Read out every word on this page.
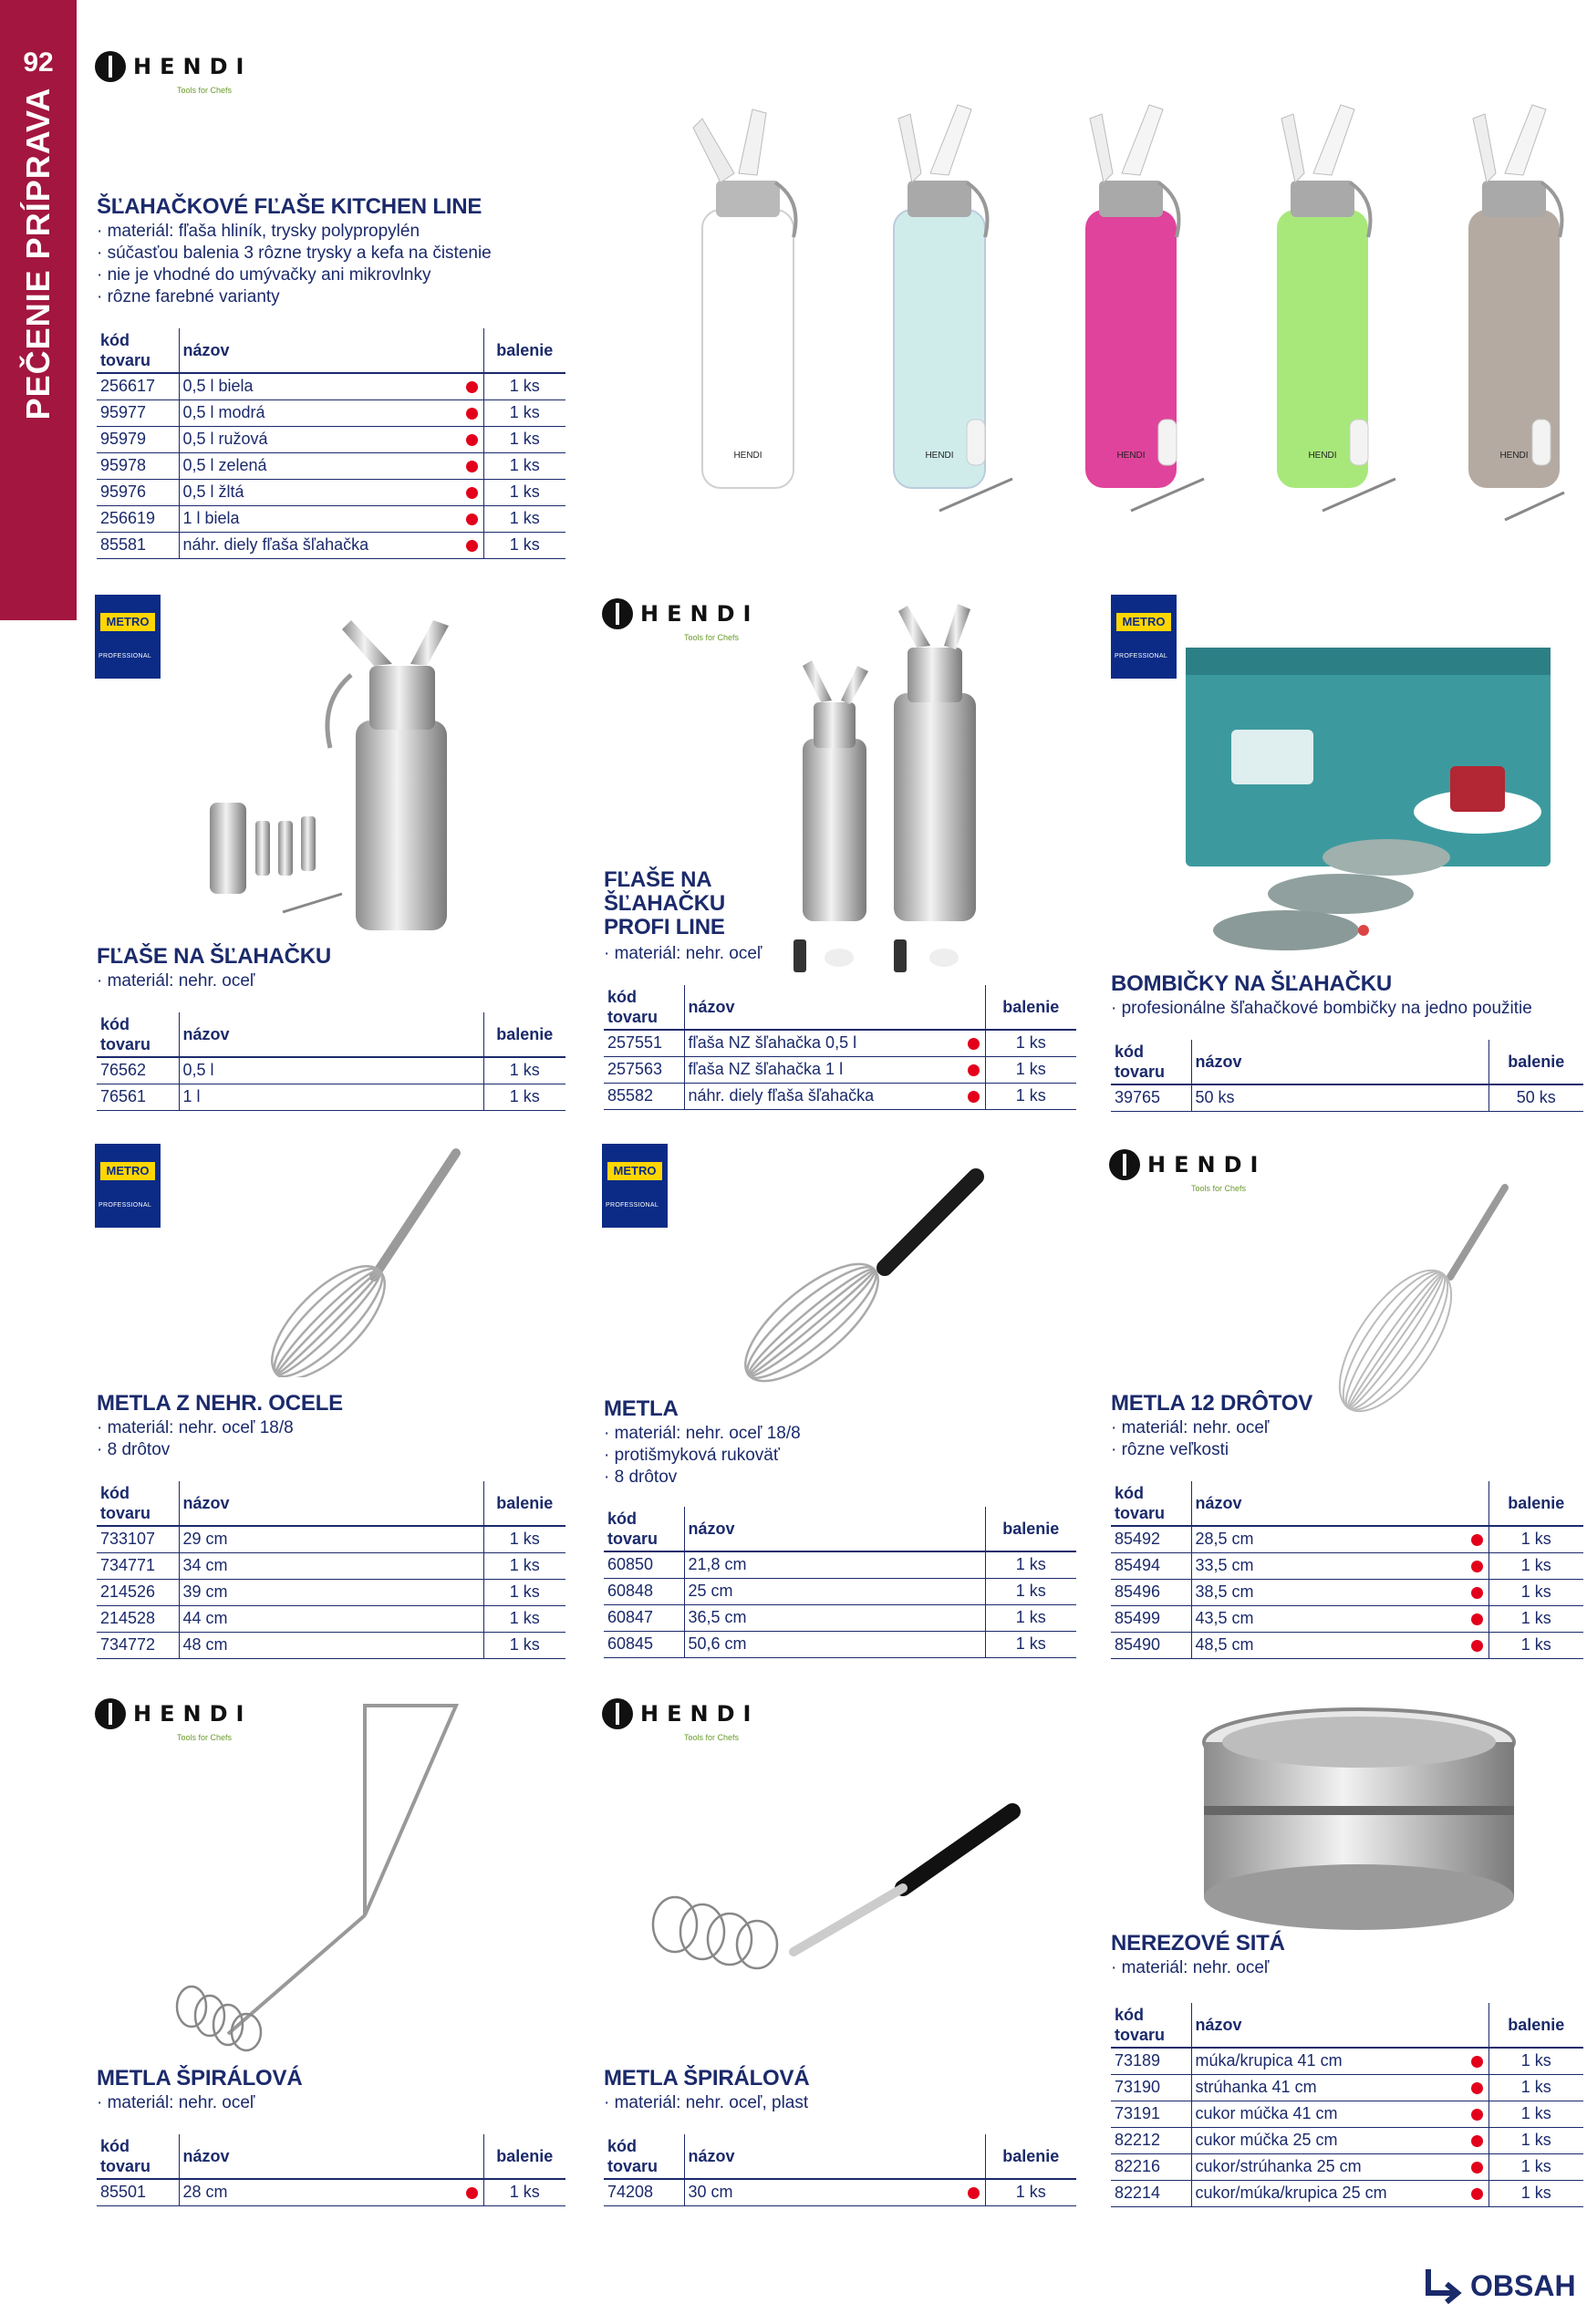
92
PEČENIE PRÍPRAVA
HENDI
Tools for Chefs
ŠĽAHAČKOVÉ FĽAŠE KITCHEN LINE
· materiál: fľaša hliník, trysky polypropylén
· súčasťou balenia 3 rôzne trysky a kefa na čistenie
· nie je vhodné do umývačky ani mikrovlnky
· rôzne farebné varianty
kód
tovaru	názov		balenie
256617	0,5 l biela		1 ks
95977	0,5 l modrá		1 ks
95979	0,5 l ružová		1 ks
95978	0,5 l zelená		1 ks
95976	0,5 l žltá		1 ks
256619	1 l biela		1 ks
85581	náhr. diely fľaša šľahačka		1 ks
HENDI	HENDI	HENDI	HENDI	HENDI
METRO
PROFESSIONAL
FĽAŠE NA ŠĽAHAČKU
· materiál: nehr. oceľ
kód
tovaru	názov	balenie
76562	0,5 l	1 ks
76561	1 l	1 ks
HENDI
Tools for Chefs
FĽAŠE NA
ŠĽAHAČKU
PROFI LINE
· materiál: nehr. oceľ
kód
tovaru	názov		balenie
257551	fľaša NZ šľahačka 0,5 l		1 ks
257563	fľaša NZ šľahačka 1 l		1 ks
85582	náhr. diely fľaša šľahačka		1 ks
METRO
PROFESSIONAL
BOMBIČKY NA ŠĽAHAČKU
· profesionálne šľahačkové bombičky na jedno použitie
kód
tovaru	názov	balenie
39765	50 ks	50 ks
METRO
PROFESSIONAL
METLA Z NEHR. OCELE
· materiál: nehr. oceľ 18/8
· 8 drôtov
kód
tovaru	názov	balenie
733107	29 cm	1 ks
734771	34 cm	1 ks
214526	39 cm	1 ks
214528	44 cm	1 ks
734772	48 cm	1 ks
METRO
PROFESSIONAL
METLA
· materiál: nehr. oceľ 18/8
· protišmyková rukoväť
· 8 drôtov
kód
tovaru	názov	balenie
60850	21,8 cm	1 ks
60848	25 cm	1 ks
60847	36,5 cm	1 ks
60845	50,6 cm	1 ks
HENDI
Tools for Chefs
METLA 12 DRÔTOV
· materiál: nehr. oceľ
· rôzne veľkosti
kód
tovaru	názov		balenie
85492	28,5 cm		1 ks
85494	33,5 cm		1 ks
85496	38,5 cm		1 ks
85499	43,5 cm		1 ks
85490	48,5 cm		1 ks
HENDI
Tools for Chefs
METLA ŠPIRÁLOVÁ
· materiál: nehr. oceľ
kód
tovaru	názov		balenie
85501	28 cm		1 ks
HENDI
Tools for Chefs
METLA ŠPIRÁLOVÁ
· materiál: nehr. oceľ, plast
kód
tovaru	názov		balenie
74208	30 cm		1 ks
NEREZOVÉ SITÁ
· materiál: nehr. oceľ
kód
tovaru	názov		balenie
73189	múka/krupica 41 cm		1 ks
73190	strúhanka 41 cm		1 ks
73191	cukor múčka 41 cm		1 ks
82212	cukor múčka 25 cm		1 ks
82216	cukor/strúhanka 25 cm		1 ks
82214	cukor/múka/krupica 25 cm		1 ks
OBSAH
